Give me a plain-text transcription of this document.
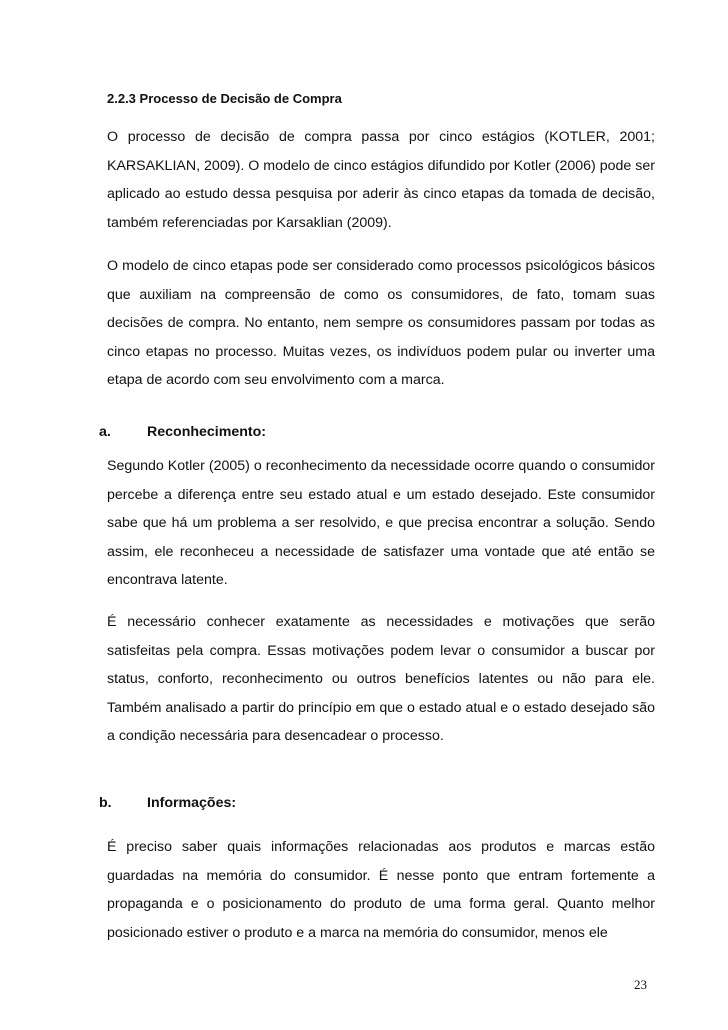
2.2.3 Processo de Decisão de Compra

O processo de decisão de compra passa por cinco estágios (KOTLER, 2001; KARSAKLIAN, 2009). O modelo de cinco estágios difundido por Kotler (2006) pode ser aplicado ao estudo dessa pesquisa por aderir às cinco etapas da tomada de decisão, também referenciadas por Karsaklian (2009).

O modelo de cinco etapas pode ser considerado como processos psicológicos básicos que auxiliam na compreensão de como os consumidores, de fato, tomam suas decisões de compra. No entanto, nem sempre os consumidores passam por todas as cinco etapas no processo. Muitas vezes, os indivíduos podem pular ou inverter uma etapa de acordo com seu envolvimento com a marca.

a.	Reconhecimento:

Segundo Kotler (2005) o reconhecimento da necessidade ocorre quando o consumidor percebe a diferença entre seu estado atual e um estado desejado. Este consumidor sabe que há um problema a ser resolvido, e que precisa encontrar a solução. Sendo assim, ele reconheceu a necessidade de satisfazer uma vontade que até então se encontrava latente.

É necessário conhecer exatamente as necessidades e motivações que serão satisfeitas pela compra. Essas motivações podem levar o consumidor a buscar por status, conforto, reconhecimento ou outros benefícios latentes ou não para ele. Também analisado a partir do princípio em que o estado atual e o estado desejado são a condição necessária para desencadear o processo.

b. Informações:

É preciso saber quais informações relacionadas aos produtos e marcas estão guardadas na memória do consumidor. É nesse ponto que entram fortemente a propaganda e o posicionamento do produto de uma forma geral. Quanto melhor posicionado estiver o produto e a marca na memória do consumidor, menos ele

23
